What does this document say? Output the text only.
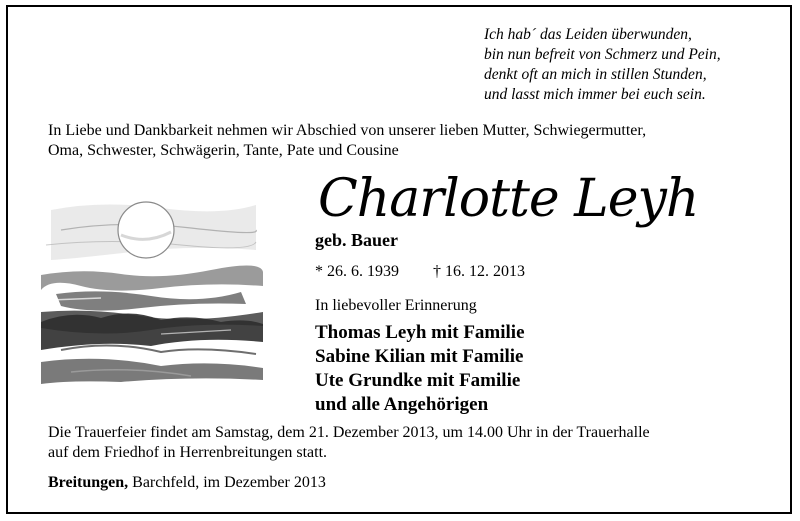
Ich hab´ das Leiden überwunden,
bin nun befreit von Schmerz und Pein,
denkt oft an mich in stillen Stunden,
und lasst mich immer bei euch sein.
In Liebe und Dankbarkeit nehmen wir Abschied von unserer lieben Mutter, Schwiegermutter,
Oma, Schwester, Schwägerin, Tante, Pate und Cousine
Charlotte Leyh
geb. Bauer
* 26. 6. 1939 † 16. 12. 2013
In liebevoller Erinnerung
Thomas Leyh mit Familie
Sabine Kilian mit Familie
Ute Grundke mit Familie
und alle Angehörigen
Die Trauerfeier findet am Samstag, dem 21. Dezember 2013, um 14.00 Uhr in der Trauerhalle
auf dem Friedhof in Herrenbreitungen statt.
Breitungen, Barchfeld, im Dezember 2013
